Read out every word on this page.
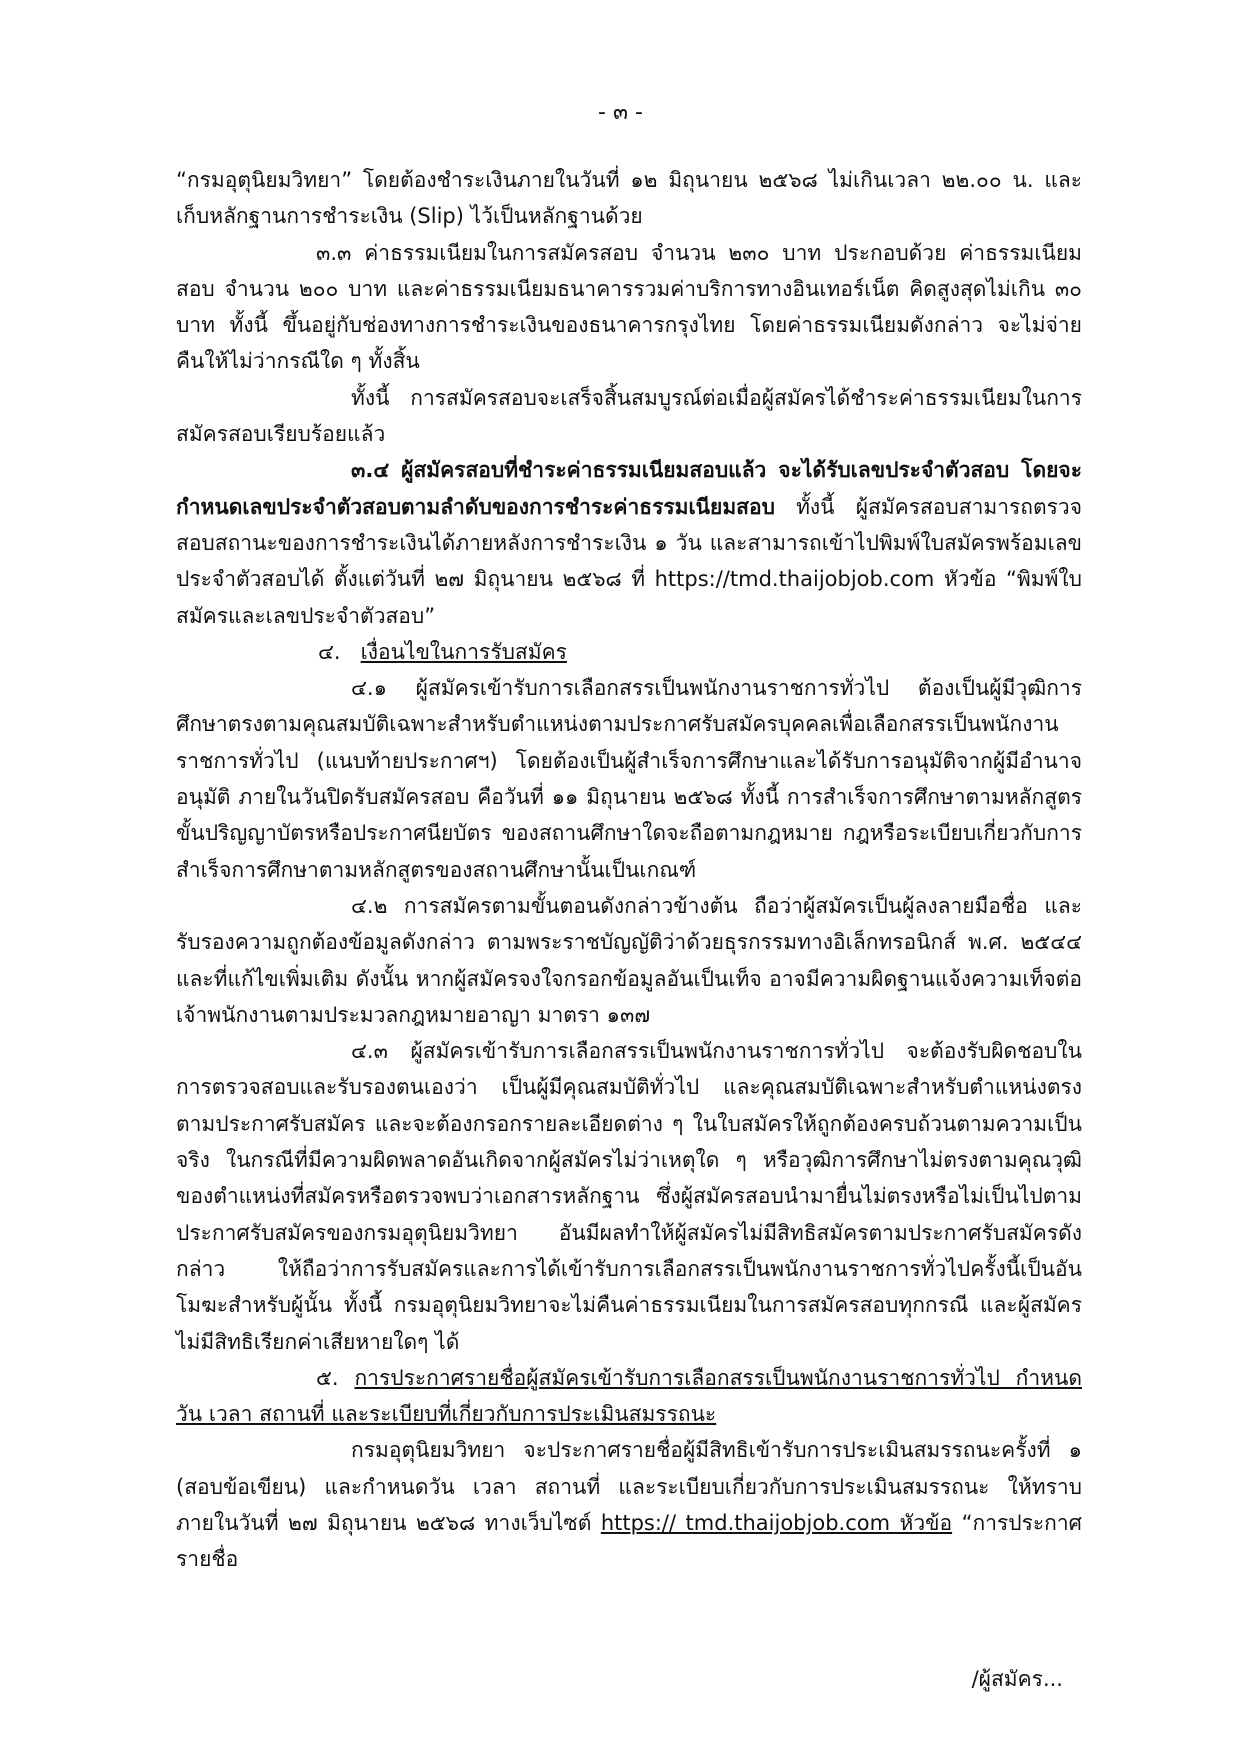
- ๓ -

“กรมอุตุนิยมวิทยา” โดยต้องชำระเงินภายในวันที่ ๑๒ มิถุนายน ๒๕๖๘ ไม่เกินเวลา ๒๒.๐๐ น. และเก็บหลักฐานการชำระเงิน (Slip) ไว้เป็นหลักฐานด้วย

๓.๓ ค่าธรรมเนียมในการสมัครสอบ จำนวน ๒๓๐ บาท ประกอบด้วย ค่าธรรมเนียมสอบ จำนวน ๒๐๐ บาท และค่าธรรมเนียมธนาคารรวมค่าบริการทางอินเทอร์เน็ต คิดสูงสุดไม่เกิน ๓๐ บาท ทั้งนี้ ขึ้นอยู่กับช่องทางการชำระเงินของธนาคารกรุงไทย โดยค่าธรรมเนียมดังกล่าว จะไม่จ่ายคืนให้ไม่ว่ากรณีใด ๆ ทั้งสิ้น

ทั้งนี้ การสมัครสอบจะเสร็จสิ้นสมบูรณ์ต่อเมื่อผู้สมัครได้ชำระค่าธรรมเนียมในการสมัครสอบเรียบร้อยแล้ว

๓.๔ ผู้สมัครสอบที่ชำระค่าธรรมเนียมสอบแล้ว จะได้รับเลขประจำตัวสอบ โดยจะกำหนดเลขประจำตัวสอบตามลำดับของการชำระค่าธรรมเนียมสอบ ทั้งนี้ ผู้สมัครสอบสามารถตรวจสอบสถานะของการชำระเงินได้ภายหลังการชำระเงิน ๑ วัน และสามารถเข้าไปพิมพ์ใบสมัครพร้อมเลขประจำตัวสอบได้ ตั้งแต่วันที่ ๒๗ มิถุนายน ๒๕๖๘ ที่ https://tmd.thaijobjob.com หัวข้อ “พิมพ์ใบสมัครและเลขประจำตัวสอบ”

๔. เงื่อนไขในการรับสมัคร

๔.๑ ผู้สมัครเข้ารับการเลือกสรรเป็นพนักงานราชการทั่วไป ต้องเป็นผู้มีวุฒิการศึกษาตรงตามคุณสมบัติเฉพาะสำหรับตำแหน่งตามประกาศรับสมัครบุคคลเพื่อเลือกสรรเป็นพนักงานราชการทั่วไป (แนบท้ายประกาศฯ) โดยต้องเป็นผู้สำเร็จการศึกษาและได้รับการอนุมัติจากผู้มีอำนาจอนุมัติ ภายในวันปิดรับสมัครสอบ คือวันที่ ๑๑ มิถุนายน ๒๕๖๘ ทั้งนี้ การสำเร็จการศึกษาตามหลักสูตรขั้นปริญญาบัตรหรือประกาศนียบัตร ของสถานศึกษาใดจะถือตามกฎหมาย กฎหรือระเบียบเกี่ยวกับการสำเร็จการศึกษาตามหลักสูตรของสถานศึกษานั้นเป็นเกณฑ์

๔.๒ การสมัครตามขั้นตอนดังกล่าวข้างต้น ถือว่าผู้สมัครเป็นผู้ลงลายมือชื่อ และรับรองความถูกต้องข้อมูลดังกล่าว ตามพระราชบัญญัติว่าด้วยธุรกรรมทางอิเล็กทรอนิกส์ พ.ศ. ๒๕๔๔ และที่แก้ไขเพิ่มเติม ดังนั้น หากผู้สมัครจงใจกรอกข้อมูลอันเป็นเท็จ อาจมีความผิดฐานแจ้งความเท็จต่อเจ้าพนักงานตามประมวลกฎหมายอาญา มาตรา ๑๓๗

๔.๓ ผู้สมัครเข้ารับการเลือกสรรเป็นพนักงานราชการทั่วไป จะต้องรับผิดชอบในการตรวจสอบและรับรองตนเองว่า เป็นผู้มีคุณสมบัติทั่วไป และคุณสมบัติเฉพาะสำหรับตำแหน่งตรงตามประกาศรับสมัคร และจะต้องกรอกรายละเอียดต่าง ๆ ในใบสมัครให้ถูกต้องครบถ้วนตามความเป็นจริง ในกรณีที่มีความผิดพลาดอันเกิดจากผู้สมัครไม่ว่าเหตุใด ๆ หรือวุฒิการศึกษาไม่ตรงตามคุณวุฒิของตำแหน่งที่สมัครหรือตรวจพบว่าเอกสารหลักฐาน ซึ่งผู้สมัครสอบนำมายื่นไม่ตรงหรือไม่เป็นไปตามประกาศรับสมัครของกรมอุตุนิยมวิทยา อันมีผลทำให้ผู้สมัครไม่มีสิทธิสมัครตามประกาศรับสมัครดังกล่าว ให้ถือว่าการรับสมัครและการได้เข้ารับการเลือกสรรเป็นพนักงานราชการทั่วไปครั้งนี้เป็นอันโมฆะสำหรับผู้นั้น ทั้งนี้ กรมอุตุนิยมวิทยาจะไม่คืนค่าธรรมเนียมในการสมัครสอบทุกกรณี และผู้สมัครไม่มีสิทธิเรียกค่าเสียหายใดๆ ได้

๕. การประกาศรายชื่อผู้สมัครเข้ารับการเลือกสรรเป็นพนักงานราชการทั่วไป กำหนดวัน เวลา สถานที่ และระเบียบที่เกี่ยวกับการประเมินสมรรถนะ

กรมอุตุนิยมวิทยา จะประกาศรายชื่อผู้มีสิทธิเข้ารับการประเมินสมรรถนะครั้งที่ ๑ (สอบข้อเขียน) และกำหนดวัน เวลา สถานที่ และระเบียบเกี่ยวกับการประเมินสมรรถนะ ให้ทราบภายในวันที่ ๒๗ มิถุนายน ๒๕๖๘ ทางเว็บไซต์ https:// tmd.thaijobjob.com หัวข้อ “การประกาศรายชื่อ

/ผู้สมัคร...
